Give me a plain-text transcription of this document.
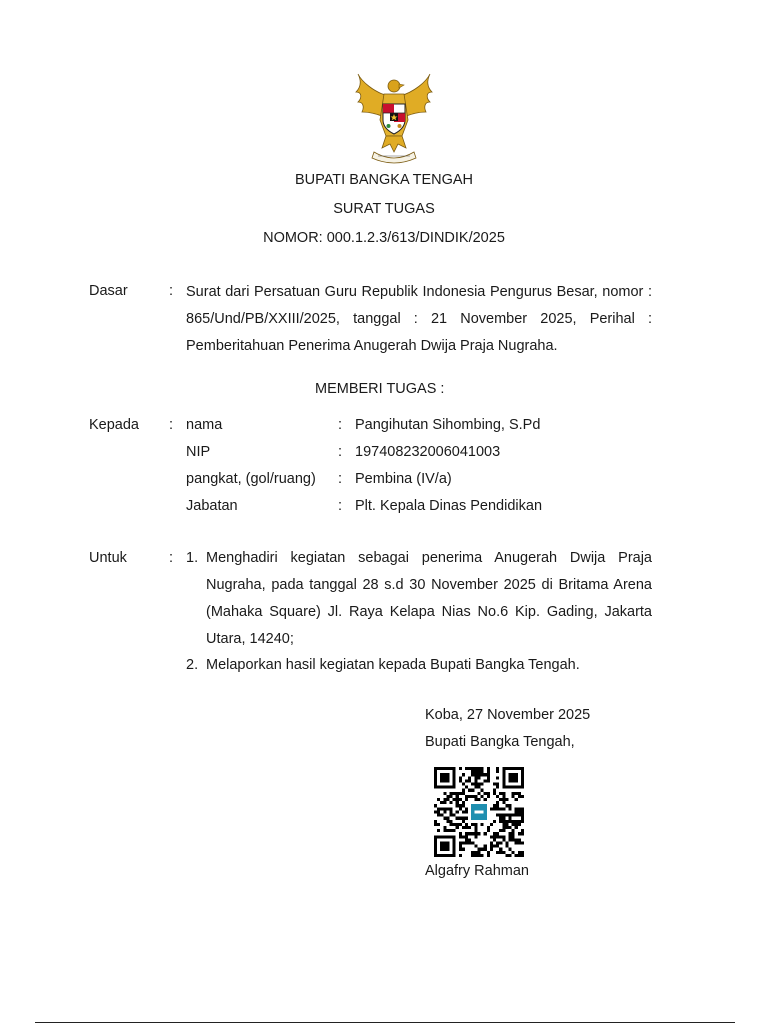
BUPATI BANGKA TENGAH
SURAT TUGAS
NOMOR: 000.1.2.3/613/DINDIK/2025
Dasar	: Surat dari Persatuan Guru Republik Indonesia Pengurus Besar, nomor : 865/Und/PB/XXIII/2025, tanggal : 21 November 2025, Perihal : Pemberitahuan Penerima Anugerah Dwija Praja Nugraha.
MEMBERI TUGAS :
Kepada : nama	: Pangihutan Sihombing, S.Pd
NIP	: 197408232006041003
pangkat, (gol/ruang) : Pembina (IV/a)
Jabatan	: Plt. Kepala Dinas Pendidikan
Untuk	: 1. Menghadiri kegiatan sebagai penerima Anugerah Dwija Praja Nugraha, pada tanggal 28 s.d 30 November 2025 di Britama Arena (Mahaka Square) Jl. Raya Kelapa Nias No.6 Kip. Gading, Jakarta Utara, 14240;
2. Melaporkan hasil kegiatan kepada Bupati Bangka Tengah.
Koba, 27 November 2025
Bupati Bangka Tengah,
Algafry Rahman
